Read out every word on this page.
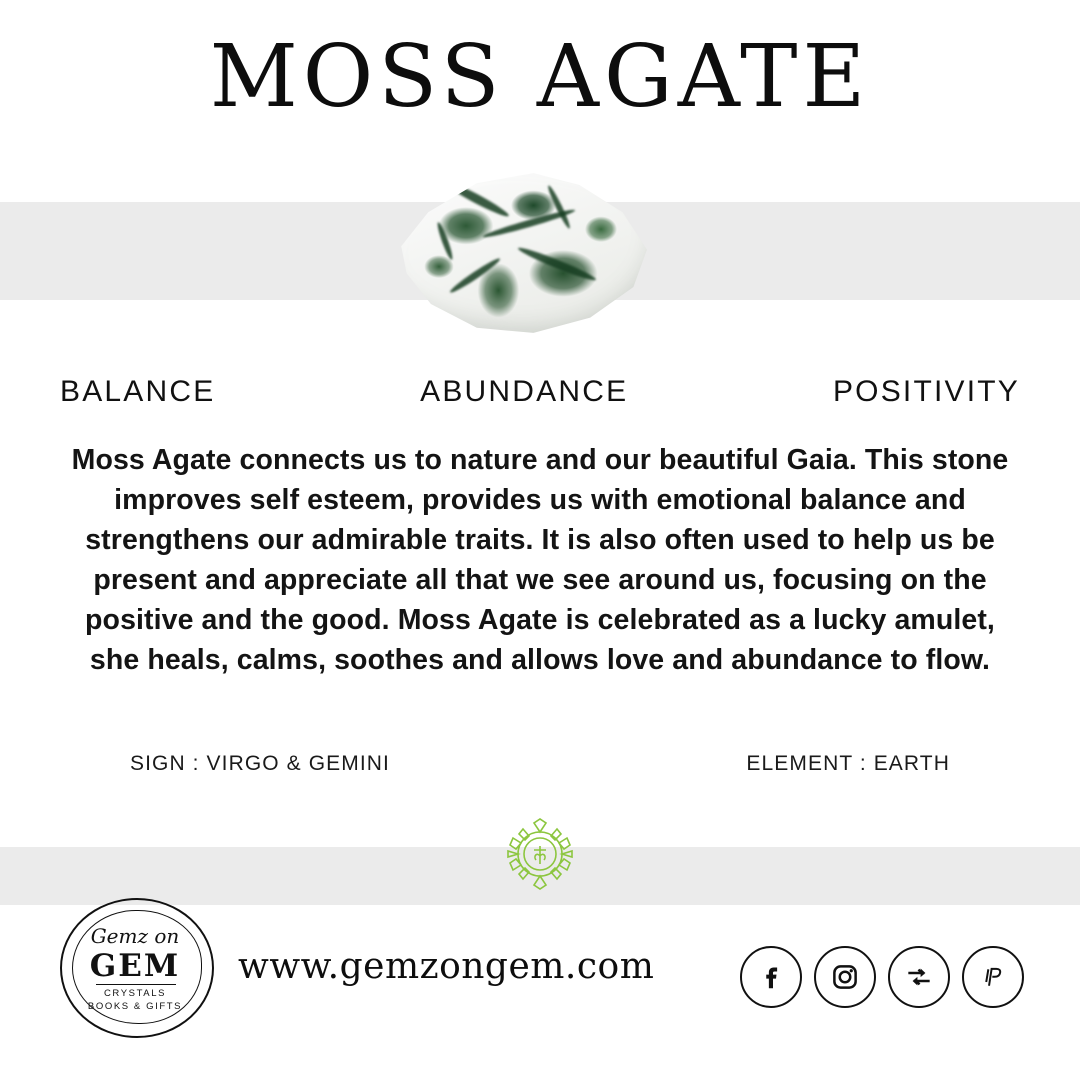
MOSS AGATE
BALANCE	ABUNDANCE	POSITIVITY
Moss Agate connects us to nature and our beautiful Gaia. This stone improves self esteem, provides us with emotional balance and strengthens our admirable traits. It is also often used to help us be present and appreciate all that we see around us, focusing on the positive and the good. Moss Agate is celebrated as a lucky amulet, she heals, calms, soothes and allows love and abundance to flow.
SIGN : VIRGO & GEMINI	ELEMENT : EARTH
Gemz on
GEM
CRYSTALS
BOOKS & GIFTS
www.gemzongem.com
